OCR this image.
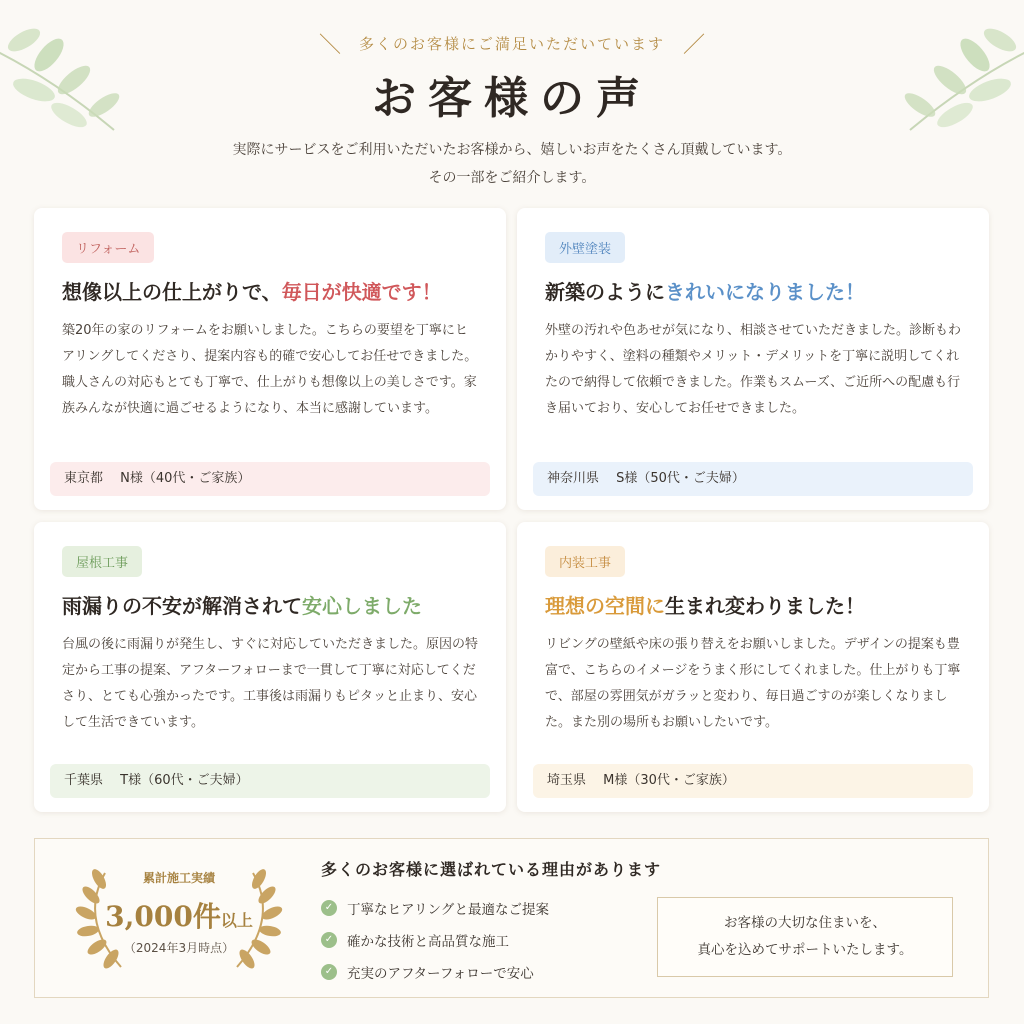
＼ 多くのお客様にご満足いただいています ／
お客様の声
実際にサービスをご利用いただいたお客様から、嬉しいお声をたくさん頂戴しています。
その一部をご紹介します。
リフォーム
想像以上の仕上がりで、毎日が快適です！
築20年の家のリフォームをお願いしました。こちらの要望を丁寧にヒアリングしてくださり、提案内容も的確で安心してお任せできました。職人さんの対応もとても丁寧で、仕上がりも想像以上の美しさです。家族みんなが快適に過ごせるようになり、本当に感謝しています。
東京都　 N様（40代・ご家族）
外壁塗装
新築のようにきれいになりました！
外壁の汚れや色あせが気になり、相談させていただきました。診断もわかりやすく、塗料の種類やメリット・デメリットを丁寧に説明してくれたので納得して依頼できました。作業もスムーズ、ご近所への配慮も行き届いており、安心してお任せできました。
神奈川県　 S様（50代・ご夫婦）
屋根工事
雨漏りの不安が解消されて安心しました
台風の後に雨漏りが発生し、すぐに対応していただきました。原因の特定から工事の提案、アフターフォローまで一貫して丁寧に対応してくださり、とても心強かったです。工事後は雨漏りもピタッと止まり、安心して生活できています。
千葉県　 T様（60代・ご夫婦）
内装工事
理想の空間に生まれ変わりました！
リビングの壁紙や床の張り替えをお願いしました。デザインの提案も豊富で、こちらのイメージをうまく形にしてくれました。仕上がりも丁寧で、部屋の雰囲気がガラッと変わり、毎日過ごすのが楽しくなりました。また別の場所もお願いしたいです。
埼玉県　 M様（30代・ご家族）
累計施工実績
3,000件以上
（2024年3月時点）
多くのお客様に選ばれている理由があります
✓ 丁寧なヒアリングと最適なご提案
✓ 確かな技術と高品質な施工
✓ 充実のアフターフォローで安心
お客様の大切な住まいを、
真心を込めてサポートいたします。
